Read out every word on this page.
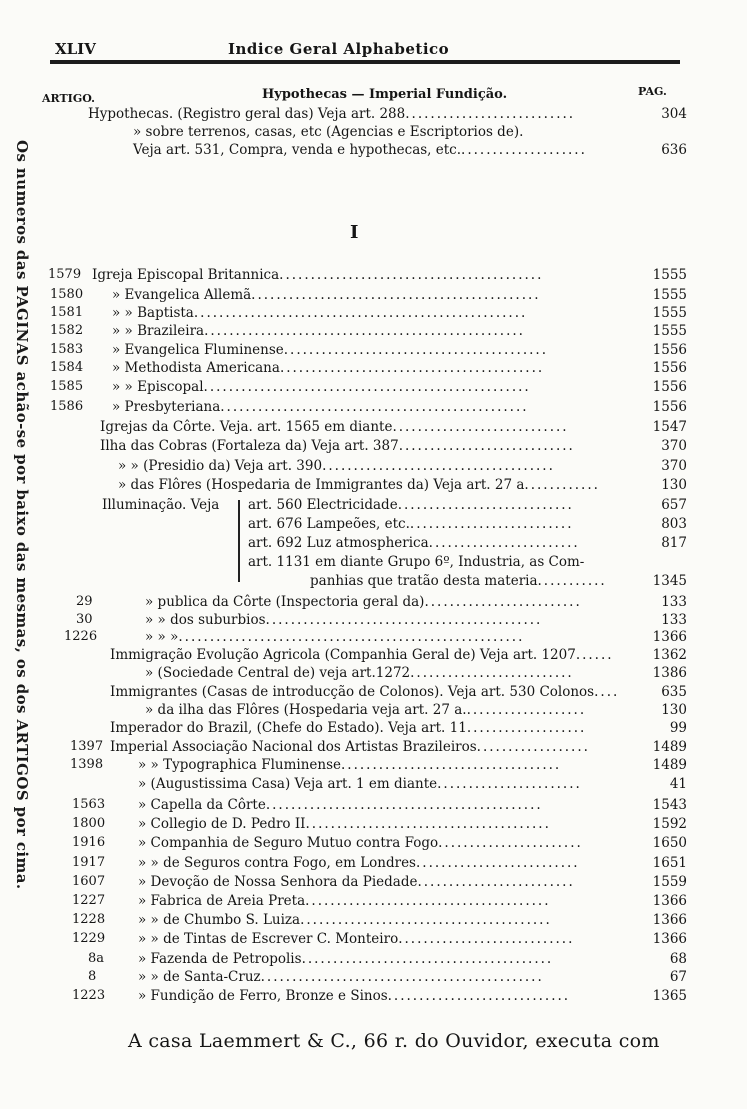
XLIV	Indice Geral Alphabetico
ARTIGO.	Hypothecas — Imperial Fundição.	PAG.
Os numeros das PAGINAS achão-se por baixo das mesmas, os dos ARTIGOS por cima.	I
Hypothecas. (Registro geral das) Veja art. 288...........................	304
» sobre terrenos, casas, etc (Agencias e Escriptorios de).
Veja art. 531, Compra, venda e hypothecas, etc.....................	636
1579 Igreja Episcopal Britannica..........................................	1555
1580 » Evangelica Allemã..............................................	1555
1581 » » Baptista.....................................................	1555
1582 » » Brazileira...................................................	1555
1583 » Evangelica Fluminense..........................................	1556
1584 » Methodista Americana..........................................	1556
1585 » » Episcopal....................................................	1556
1586 » Presbyteriana.................................................	1556
Igrejas da Côrte. Veja. art. 1565 em diante............................	1547
Ilha das Cobras (Fortaleza da) Veja art. 387............................	370
» » (Presidio da) Veja art. 390.....................................	370
» das Flôres (Hospedaria de Immigrantes da) Veja art. 27 a............	130
Illuminação. Veja art. 560 Electricidade............................	657
art. 676 Lampeões, etc...........................	803
art. 692 Luz atmospherica........................	817
art. 1131 em diante Grupo 6º, Industria, as Com-
panhias que tratão desta materia...........	1345
29	» publica da Côrte (Inspectoria geral da).........................	133
30	» » dos suburbios............................................	133
1226	» » ».......................................................	1366
Immigração Evolução Agricola (Companhia Geral de) Veja art. 1207......	1362
» (Sociedade Central de) veja art.1272..........................	1386
Immigrantes (Casas de introducção de Colonos). Veja art. 530 Colonos....	635
» da ilha das Flôres (Hospedaria veja art. 27 a....................	130
Imperador do Brazil, (Chefe do Estado). Veja art. 11...................	99
1397 Imperial Associação Nacional dos Artistas Brazileiros..................	1489
1398	» » Typographica Fluminense...................................	1489
» (Augustissima Casa) Veja art. 1 em diante.......................	41
1563 » Capella da Côrte............................................	1543
1800 » Collegio de D. Pedro II.......................................	1592
1916 » Companhia de Seguro Mutuo contra Fogo.......................	1650
1917 » » de Seguros contra Fogo, em Londres..........................	1651
1607 » Devoção de Nossa Senhora da Piedade.........................	1559
1227 » Fabrica de Areia Preta.......................................	1366
1228 » » de Chumbo S. Luiza........................................	1366
1229 » » de Tintas de Escrever C. Monteiro............................	1366
8a	» Fazenda de Petropolis........................................	68
8	» » de Santa-Cruz.............................................	67
1223 » Fundição de Ferro, Bronze e Sinos.............................	1365
A casa Laemmert & C., 66 r. do Ouvidor, executa com
